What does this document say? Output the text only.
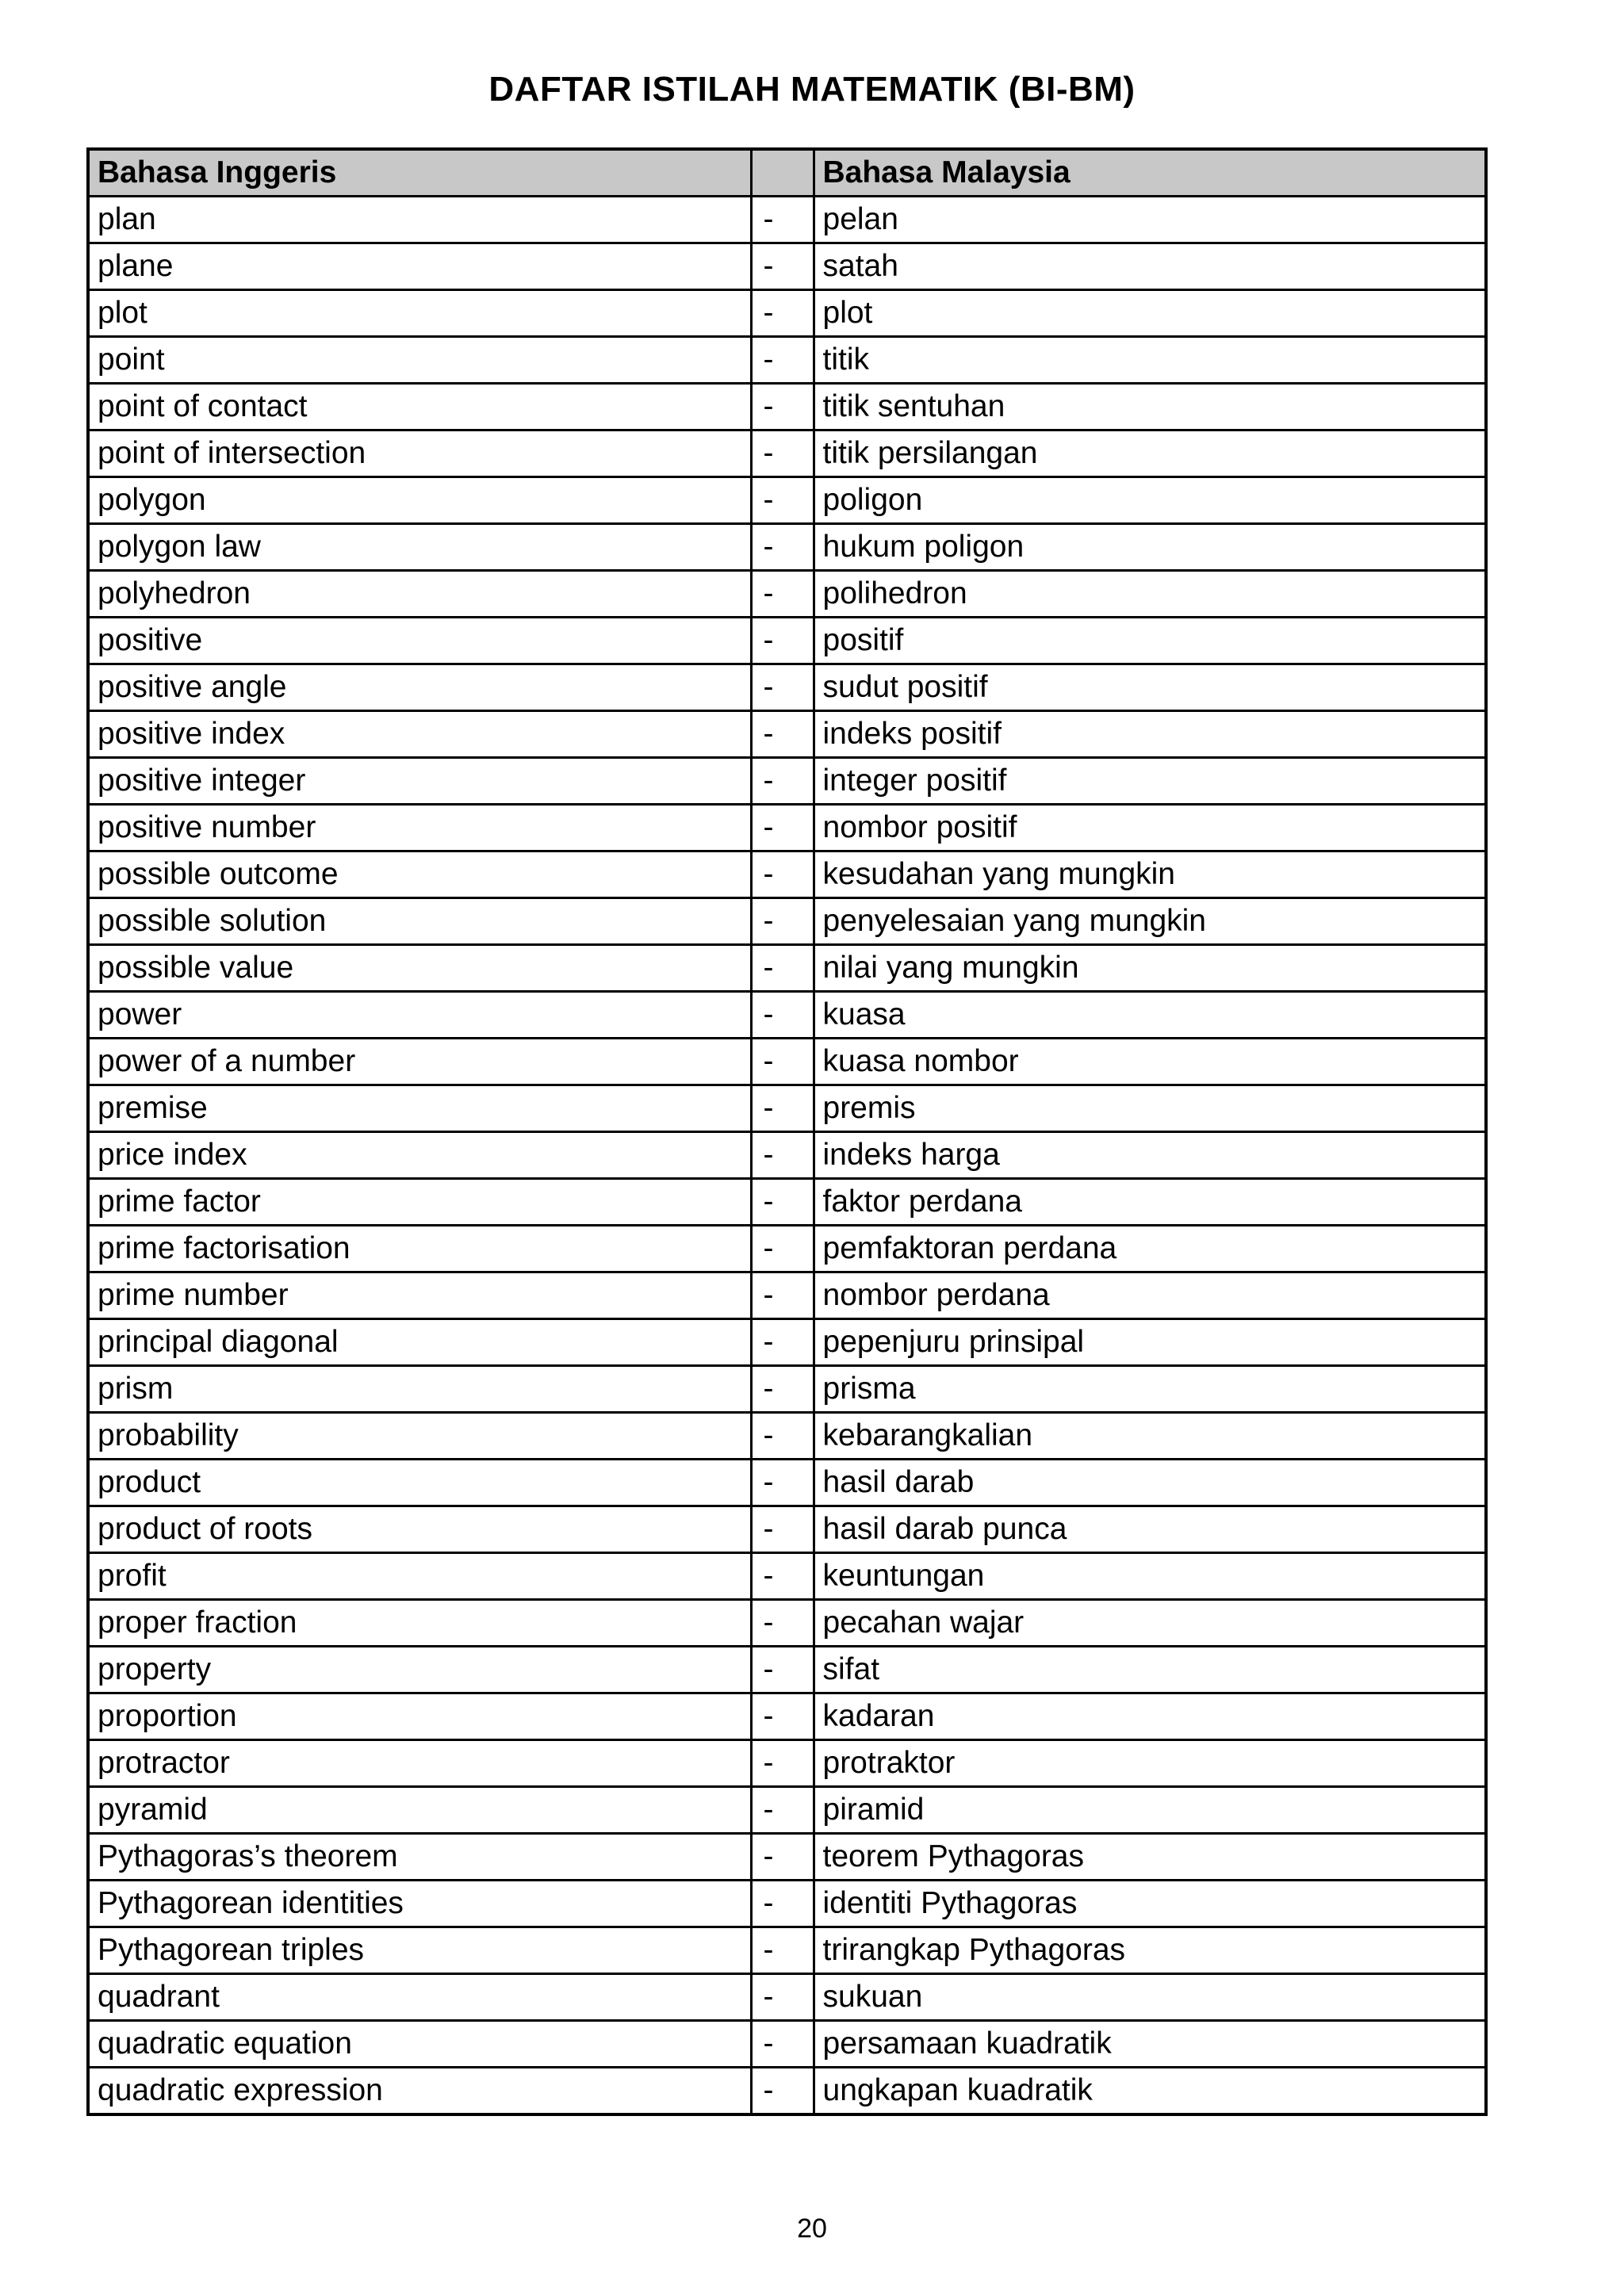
DAFTAR ISTILAH MATEMATIK (BI-BM)
Bahasa Inggeris		Bahasa Malaysia
plan	-	pelan
plane	-	satah
plot	-	plot
point	-	titik
point of contact	-	titik sentuhan
point of intersection	-	titik persilangan
polygon	-	poligon
polygon law	-	hukum poligon
polyhedron	-	polihedron
positive	-	positif
positive angle	-	sudut positif
positive index	-	indeks positif
positive integer	-	integer positif
positive number	-	nombor positif
possible outcome	-	kesudahan yang mungkin
possible solution	-	penyelesaian yang mungkin
possible value	-	nilai yang mungkin
power	-	kuasa
power of a number	-	kuasa nombor
premise	-	premis
price index	-	indeks harga
prime factor	-	faktor perdana
prime factorisation	-	pemfaktoran perdana
prime number	-	nombor perdana
principal diagonal	-	pepenjuru prinsipal
prism	-	prisma
probability	-	kebarangkalian
product	-	hasil darab
product of roots	-	hasil darab punca
profit	-	keuntungan
proper fraction	-	pecahan wajar
property	-	sifat
proportion	-	kadaran
protractor	-	protraktor
pyramid	-	piramid
Pythagoras’s theorem	-	teorem Pythagoras
Pythagorean identities	-	identiti Pythagoras
Pythagorean triples	-	trirangkap Pythagoras
quadrant	-	sukuan
quadratic equation	-	persamaan kuadratik
quadratic expression	-	ungkapan kuadratik
20
